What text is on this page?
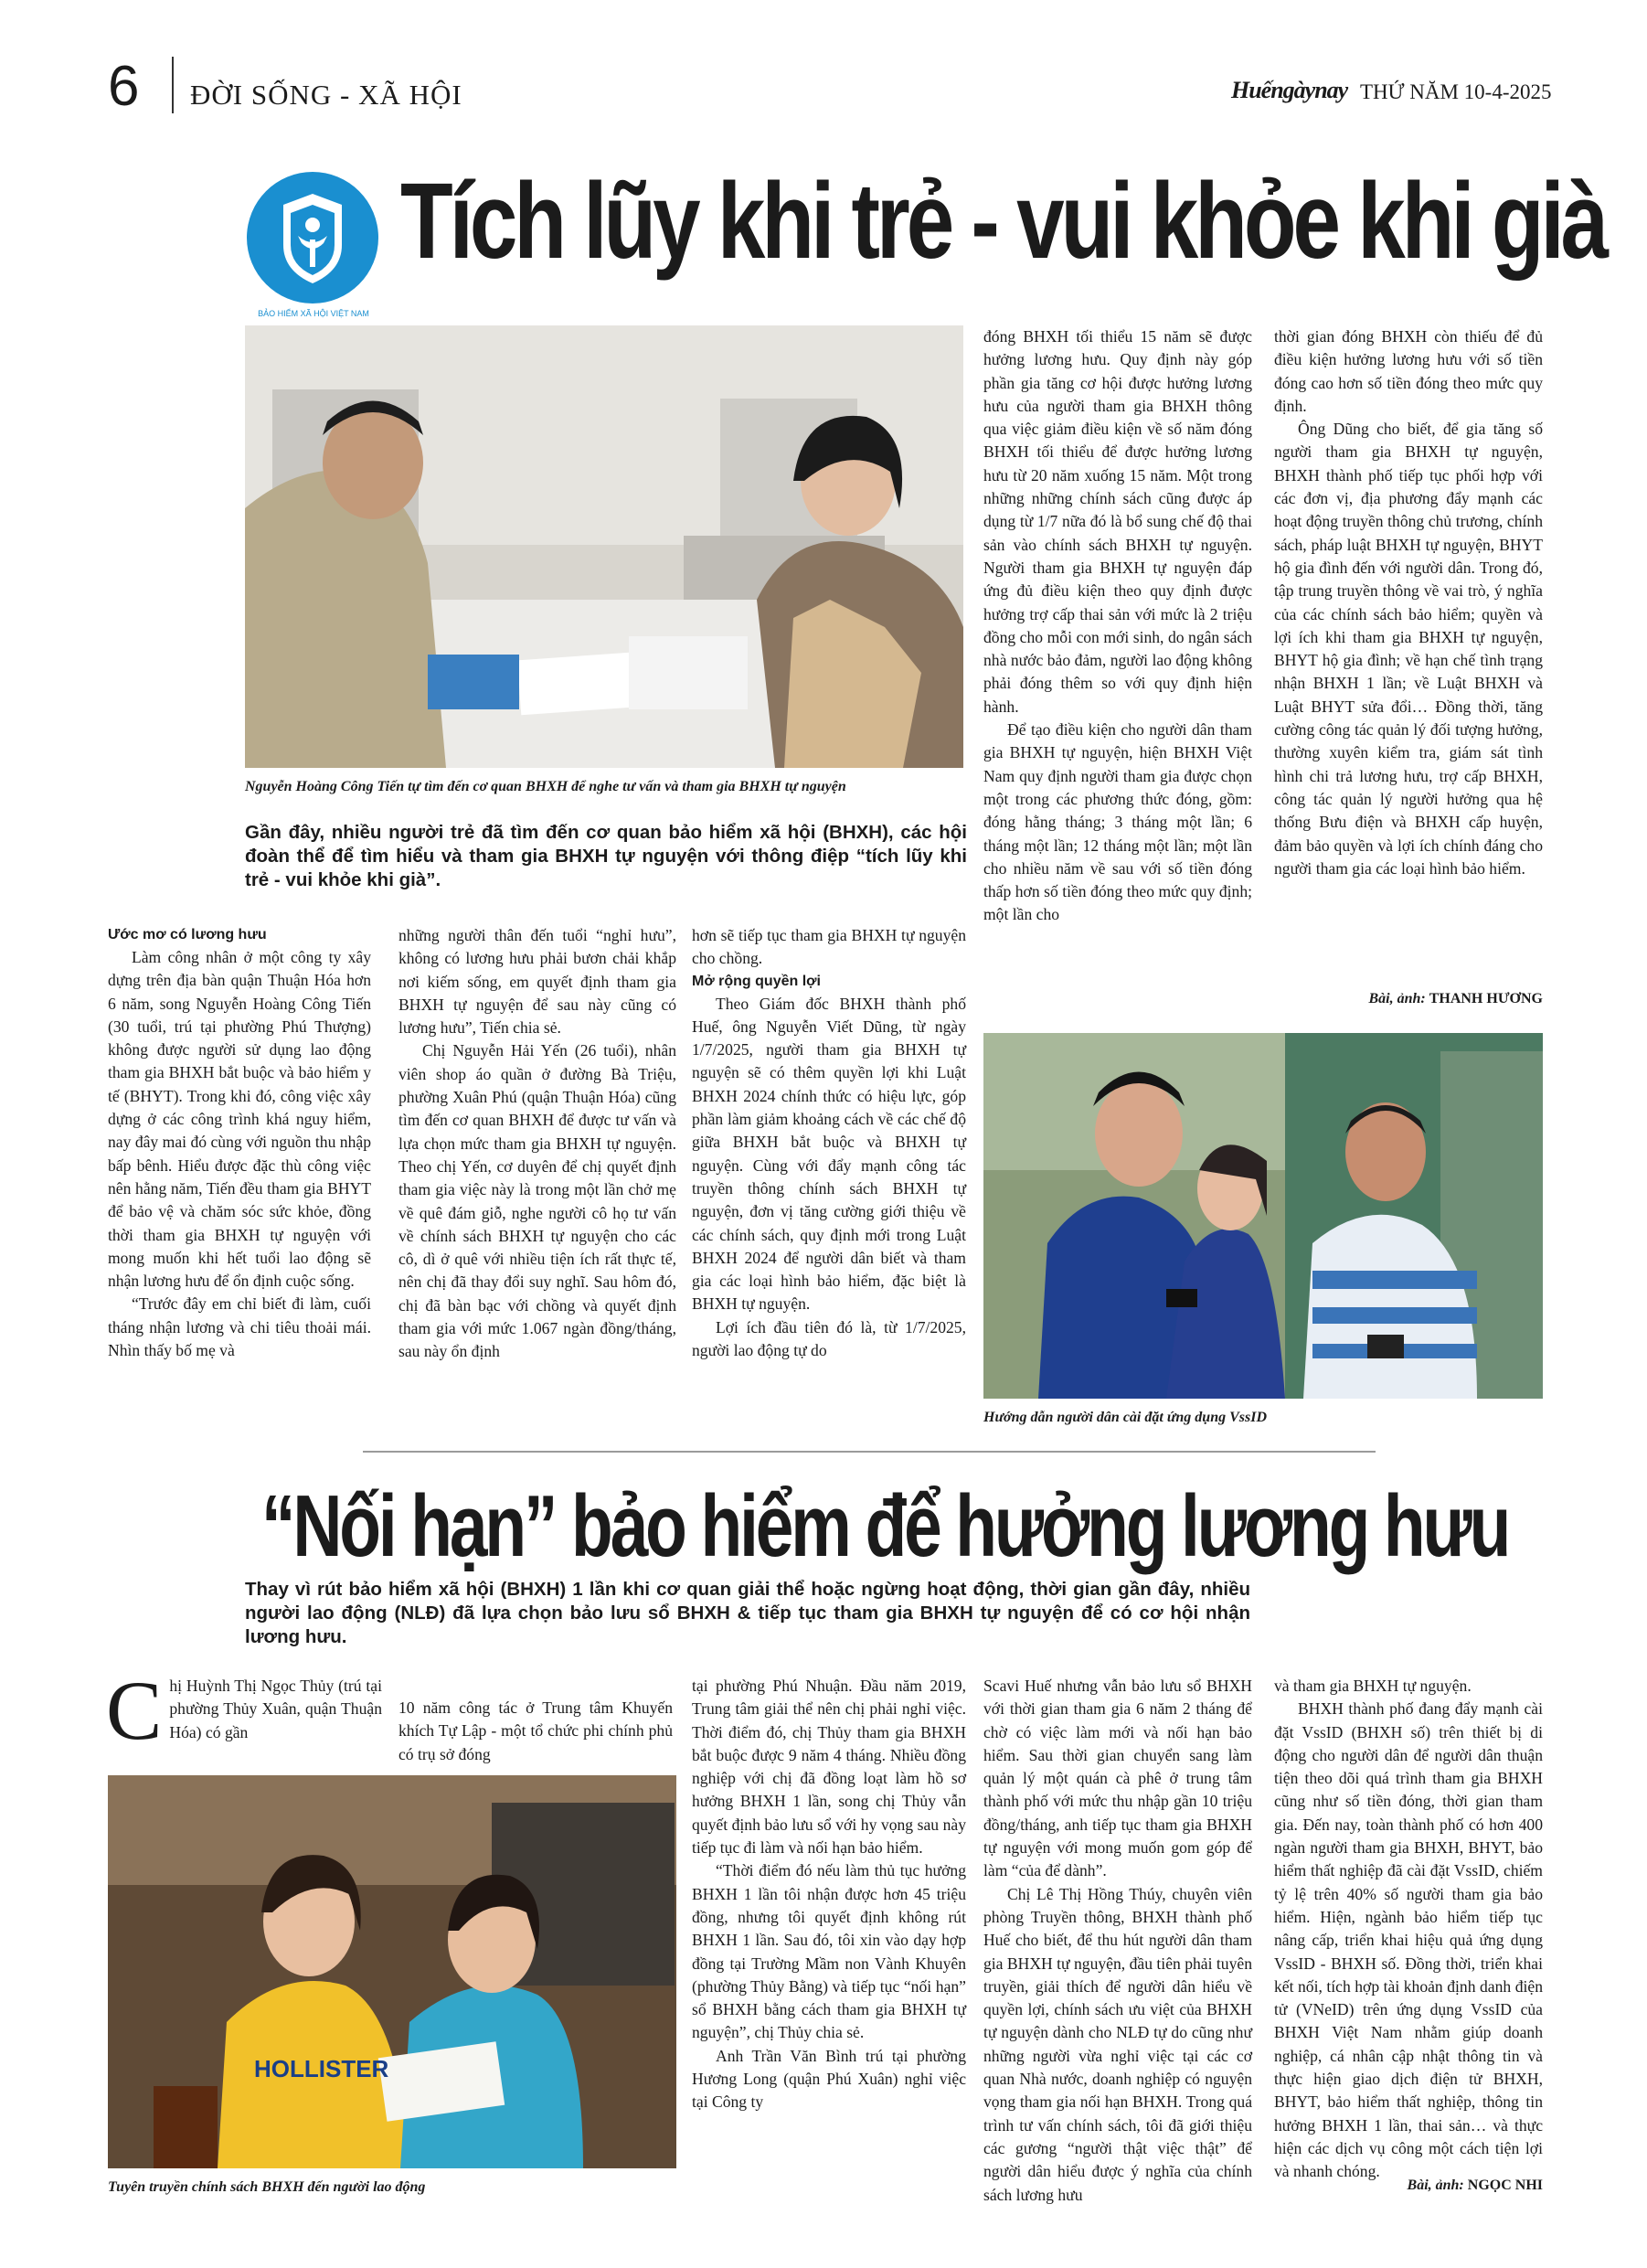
6 ĐỜI SỐNG - XÃ HỘI	Huếngàynay THỨ NĂM 10-4-2025
BẢO HIỂM XÃ HỘI VIỆT NAM
Tích lũy khi trẻ - vui khỏe khi già
Nguyễn Hoàng Công Tiến tự tìm đến cơ quan BHXH để nghe tư vấn và tham gia BHXH tự nguyện
Gần đây, nhiều người trẻ đã tìm đến cơ quan bảo hiểm xã hội (BHXH), các hội đoàn thể để tìm hiểu và tham gia BHXH tự nguyện với thông điệp “tích lũy khi trẻ - vui khỏe khi già”.
Ước mơ có lương hưu

Làm công nhân ở một công ty xây dựng trên địa bàn quận Thuận Hóa hơn 6 năm, song Nguyễn Hoàng Công Tiến (30 tuổi, trú tại phường Phú Thượng) không được người sử dụng lao động tham gia BHXH bắt buộc và bảo hiểm y tế (BHYT). Trong khi đó, công việc xây dựng ở các công trình khá nguy hiểm, nay đây mai đó cùng với nguồn thu nhập bấp bênh. Hiểu được đặc thù công việc nên hằng năm, Tiến đều tham gia BHYT để bảo vệ và chăm sóc sức khỏe, đồng thời tham gia BHXH tự nguyện với mong muốn khi hết tuổi lao động sẽ nhận lương hưu để ổn định cuộc sống.

“Trước đây em chỉ biết đi làm, cuối tháng nhận lương và chi tiêu thoải mái. Nhìn thấy bố mẹ và

những người thân đến tuổi “nghỉ hưu”, không có lương hưu phải bươn chải khắp nơi kiếm sống, em quyết định tham gia BHXH tự nguyện để sau này cũng có lương hưu”, Tiến chia sẻ.

Chị Nguyễn Hải Yến (26 tuổi), nhân viên shop áo quần ở đường Bà Triệu, phường Xuân Phú (quận Thuận Hóa) cũng tìm đến cơ quan BHXH để được tư vấn và lựa chọn mức tham gia BHXH tự nguyện. Theo chị Yến, cơ duyên để chị quyết định tham gia việc này là trong một lần chở mẹ về quê đám giỗ, nghe người cô họ tư vấn về chính sách BHXH tự nguyện cho các cô, dì ở quê với nhiều tiện ích rất thực tế, nên chị đã thay đổi suy nghĩ. Sau hôm đó, chị đã bàn bạc với chồng và quyết định tham gia với mức 1.067 ngàn đồng/tháng, sau này ổn định

hơn sẽ tiếp tục tham gia BHXH tự nguyện cho chồng.

Mở rộng quyền lợi

Theo Giám đốc BHXH thành phố Huế, ông Nguyễn Viết Dũng, từ ngày 1/7/2025, người tham gia BHXH tự nguyện sẽ có thêm quyền lợi khi Luật BHXH 2024 chính thức có hiệu lực, góp phần làm giảm khoảng cách về các chế độ giữa BHXH bắt buộc và BHXH tự nguyện. Cùng với đẩy mạnh công tác truyền thông chính sách BHXH tự nguyện, đơn vị tăng cường giới thiệu về các chính sách, quy định mới trong Luật BHXH 2024 để người dân biết và tham gia các loại hình bảo hiểm, đặc biệt là BHXH tự nguyện.

Lợi ích đầu tiên đó là, từ 1/7/2025, người lao động tự do

đóng BHXH tối thiểu 15 năm sẽ được hưởng lương hưu. Quy định này góp phần gia tăng cơ hội được hưởng lương hưu của người tham gia BHXH thông qua việc giảm điều kiện về số năm đóng BHXH tối thiểu để được hưởng lương hưu từ 20 năm xuống 15 năm. Một trong những những chính sách cũng được áp dụng từ 1/7 nữa đó là bổ sung chế độ thai sản vào chính sách BHXH tự nguyện. Người tham gia BHXH tự nguyện đáp ứng đủ điều kiện theo quy định được hưởng trợ cấp thai sản với mức là 2 triệu đồng cho mỗi con mới sinh, do ngân sách nhà nước bảo đảm, người lao động không phải đóng thêm so với quy định hiện hành.

Để tạo điều kiện cho người dân tham gia BHXH tự nguyện, hiện BHXH Việt Nam quy định người tham gia được chọn một trong các phương thức đóng, gồm: đóng hằng tháng; 3 tháng một lần; 6 tháng một lần; 12 tháng một lần; một lần cho nhiều năm về sau với số tiền đóng thấp hơn số tiền đóng theo mức quy định; một lần cho

thời gian đóng BHXH còn thiếu để đủ điều kiện hưởng lương hưu với số tiền đóng cao hơn số tiền đóng theo mức quy định.

Ông Dũng cho biết, để gia tăng số người tham gia BHXH tự nguyện, BHXH thành phố tiếp tục phối hợp với các đơn vị, địa phương đẩy mạnh các hoạt động truyền thông chủ trương, chính sách, pháp luật BHXH tự nguyện, BHYT hộ gia đình đến với người dân. Trong đó, tập trung truyền thông về vai trò, ý nghĩa của các chính sách bảo hiểm; quyền và lợi ích khi tham gia BHXH tự nguyện, BHYT hộ gia đình; về hạn chế tình trạng nhận BHXH 1 lần; về Luật BHXH và Luật BHYT sửa đổi… Đồng thời, tăng cường công tác quản lý đối tượng hưởng, thường xuyên kiểm tra, giám sát tình hình chi trả lương hưu, trợ cấp BHXH, công tác quản lý người hưởng qua hệ thống Bưu điện và BHXH cấp huyện, đảm bảo quyền và lợi ích chính đáng cho người tham gia các loại hình bảo hiểm.

Bài, ảnh: THANH HƯƠNG
Hướng dẫn người dân cài đặt ứng dụng VssID
“Nối hạn” bảo hiểm để hưởng lương hưu
Thay vì rút bảo hiểm xã hội (BHXH) 1 lần khi cơ quan giải thể hoặc ngừng hoạt động, thời gian gần đây, nhiều người lao động (NLĐ) đã lựa chọn bảo lưu sổ BHXH & tiếp tục tham gia BHXH tự nguyện để có cơ hội nhận lương hưu.

Chị Huỳnh Thị Ngọc Thủy (trú tại phường Thủy Xuân, quận Thuận Hóa) có gần

10 năm công tác ở Trung tâm Khuyến khích Tự Lập - một tổ chức phi chính phủ có trụ sở đóng

HOLLISTER
Tuyên truyền chính sách BHXH đến người lao động

tại phường Phú Nhuận. Đầu năm 2019, Trung tâm giải thể nên chị phải nghỉ việc. Thời điểm đó, chị Thủy tham gia BHXH bắt buộc được 9 năm 4 tháng. Nhiều đồng nghiệp với chị đã đồng loạt làm hồ sơ hưởng BHXH 1 lần, song chị Thủy vẫn quyết định bảo lưu sổ với hy vọng sau này tiếp tục đi làm và nối hạn bảo hiểm.

“Thời điểm đó nếu làm thủ tục hưởng BHXH 1 lần tôi nhận được hơn 45 triệu đồng, nhưng tôi quyết định không rút BHXH 1 lần. Sau đó, tôi xin vào dạy hợp đồng tại Trường Mầm non Vành Khuyên (phường Thủy Bằng) và tiếp tục “nối hạn” sổ BHXH bằng cách tham gia BHXH tự nguyện”, chị Thủy chia sẻ.

Anh Trần Văn Bình trú tại phường Hương Long (quận Phú Xuân) nghỉ việc tại Công ty

Scavi Huế nhưng vẫn bảo lưu sổ BHXH với thời gian tham gia 6 năm 2 tháng để chờ có việc làm mới và nối hạn bảo hiểm. Sau thời gian chuyển sang làm quản lý một quán cà phê ở trung tâm thành phố với mức thu nhập gần 10 triệu đồng/tháng, anh tiếp tục tham gia BHXH tự nguyện với mong muốn gom góp để làm “của để dành”.

Chị Lê Thị Hồng Thúy, chuyên viên phòng Truyền thông, BHXH thành phố Huế cho biết, để thu hút người dân tham gia BHXH tự nguyện, đầu tiên phải tuyên truyền, giải thích để người dân hiểu về quyền lợi, chính sách ưu việt của BHXH tự nguyện dành cho NLĐ tự do cũng như những người vừa nghỉ việc tại các cơ quan Nhà nước, doanh nghiệp có nguyện vọng tham gia nối hạn BHXH. Trong quá trình tư vấn chính sách, tôi đã giới thiệu các gương “người thật việc thật” để người dân hiểu được ý nghĩa của chính sách lương hưu

và tham gia BHXH tự nguyện.

BHXH thành phố đang đẩy mạnh cài đặt VssID (BHXH số) trên thiết bị di động cho người dân để người dân thuận tiện theo dõi quá trình tham gia BHXH cũng như số tiền đóng, thời gian tham gia. Đến nay, toàn thành phố có hơn 400 ngàn người tham gia BHXH, BHYT, bảo hiểm thất nghiệp đã cài đặt VssID, chiếm tỷ lệ trên 40% số người tham gia bảo hiểm. Hiện, ngành bảo hiểm tiếp tục nâng cấp, triển khai hiệu quả ứng dụng VssID - BHXH số. Đồng thời, triển khai kết nối, tích hợp tài khoản định danh điện tử (VNeID) trên ứng dụng VssID của BHXH Việt Nam nhằm giúp doanh nghiệp, cá nhân cập nhật thông tin và thực hiện giao dịch điện tử BHXH, BHYT, bảo hiểm thất nghiệp, thông tin hưởng BHXH 1 lần, thai sản… và thực hiện các dịch vụ công một cách tiện lợi và nhanh chóng.

Bài, ảnh: NGỌC NHI
